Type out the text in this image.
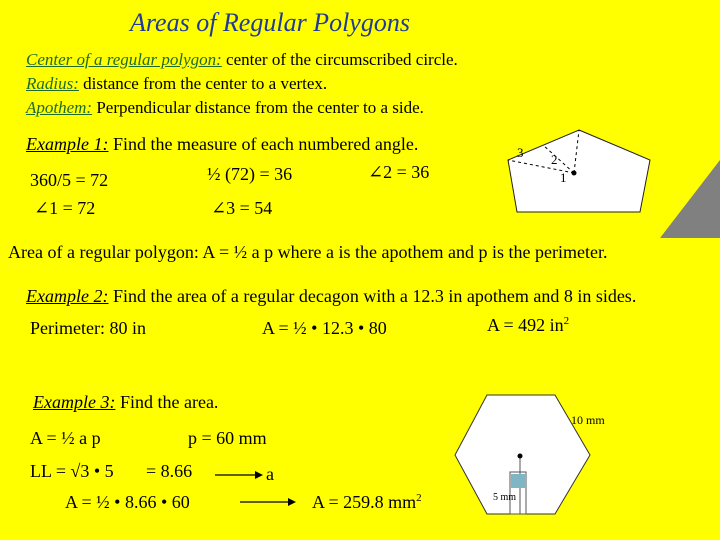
Areas of Regular Polygons
Center of a regular polygon: center of the circumscribed circle.
Radius: distance from the center to a vertex.
Apothem: Perpendicular distance from the center to a side.
Example 1: Find the measure of each numbered angle.
360/5 = 72
∠1 = 72
½ (72) = 36	∠2 = 36
∠3 = 54
3 2
1
Area of a regular polygon: A = ½ a p where a is the apothem and p is the perimeter.
Example 2: Find the area of a regular decagon with a 12.3 in apothem and 8 in sides.
Perimeter: 80 in	A = ½ • 12.3 • 80	A = 492 $in^2$
Example 3: Find the area.
A = ½ a p	p = 60 mm
LL = √3 • 5 = 8.66	a
A = ½ • 8.66 • 60	A = 259.8 $mm^2$
10 mm
5 mm
